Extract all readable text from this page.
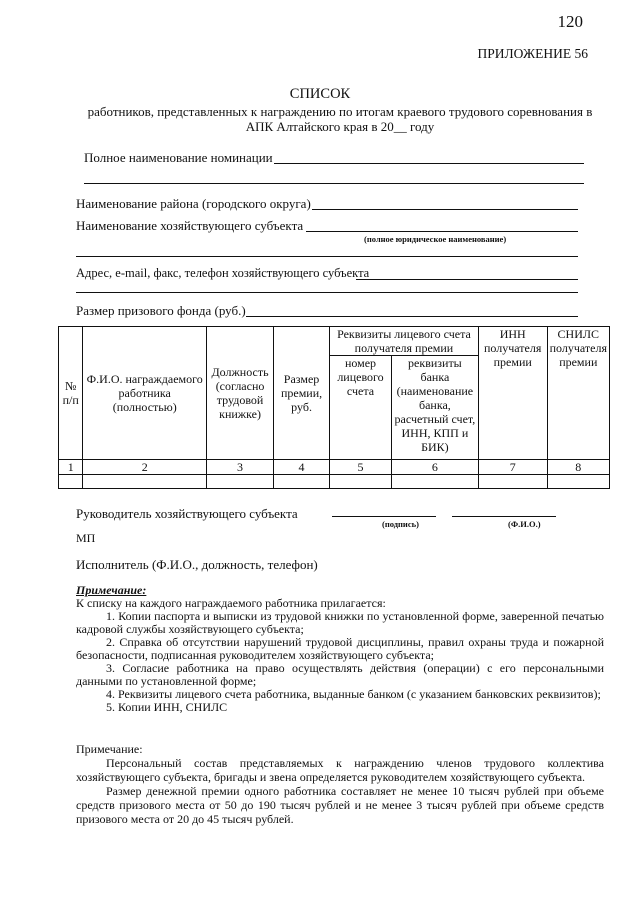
120
ПРИЛОЖЕНИЕ 56
СПИСОК
работников, представленных к награждению по итогам краевого трудового соревнования в
АПК Алтайского края в 20__ году
Полное наименование номинации
Наименование района (городского округа)
Наименование хозяйствующего субъекта
(полное юридическое наименование)
Адрес, e-mail, факс, телефон хозяйствующего субъекта
Размер призового фонда (руб.)
№ п/п	Ф.И.О. награждаемого работника (полностью)	Должность (согласно трудовой книжке)	Размер премии, руб.	Реквизиты лицевого счета получателя премии		ИНН получателя премии	СНИЛС получателя премии
				номер лицевого счета	реквизиты банка (наименование банка, расчетный счет, ИНН, КПП и БИК)		
1	2	3	4	5	6	7	8

Руководитель хозяйствующего субъекта
(подпись)	(Ф.И.О.)
МП
Исполнитель (Ф.И.О., должность, телефон)

Примечание:

К списку на каждого награждаемого работника прилагается:

1. Копии паспорта и выписки из трудовой книжки по установленной форме, заверенной печатью кадровой службы хозяйствующего субъекта;

2. Справка об отсутствии нарушений трудовой дисциплины, правил охраны труда и пожарной безопасности, подписанная руководителем хозяйствующего субъекта;

3. Согласие работника на право осуществлять действия (операции) с его персональными данными по установленной форме;

4. Реквизиты лицевого счета работника, выданные банком (с указанием банковских реквизитов);

5. Копии ИНН, СНИЛС

Примечание:

Персональный состав представляемых к награждению членов трудового коллектива хозяйствующего субъекта, бригады и звена определяется руководителем хозяйствующего субъекта.

Размер денежной премии одного работника составляет не менее 10 тысяч рублей при объеме средств призового места от 50 до 190 тысяч рублей и не менее 3 тысяч рублей при объеме средств призового места от 20 до 45 тысяч рублей.
